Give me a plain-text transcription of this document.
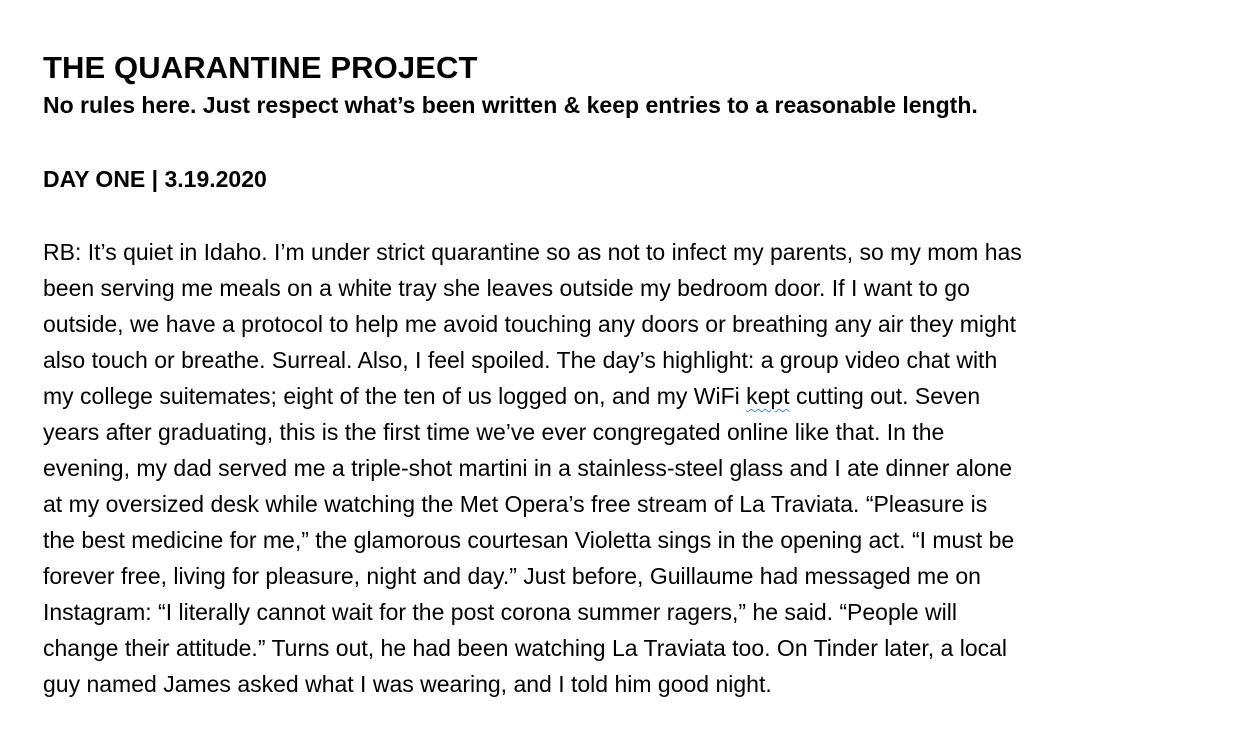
THE QUARANTINE PROJECT
No rules here. Just respect what’s been written & keep entries to a reasonable length.
DAY ONE | 3.19.2020

RB: It’s quiet in Idaho. I’m under strict quarantine so as not to infect my parents, so my mom has
been serving me meals on a white tray she leaves outside my bedroom door. If I want to go
outside, we have a protocol to help me avoid touching any doors or breathing any air they might
also touch or breathe. Surreal. Also, I feel spoiled. The day’s highlight: a group video chat with
my college suitemates; eight of the ten of us logged on, and my WiFi kept cutting out. Seven
years after graduating, this is the first time we’ve ever congregated online like that. In the
evening, my dad served me a triple-shot martini in a stainless-steel glass and I ate dinner alone
at my oversized desk while watching the Met Opera’s free stream of La Traviata. “Pleasure is
the best medicine for me,” the glamorous courtesan Violetta sings in the opening act. “I must be
forever free, living for pleasure, night and day.” Just before, Guillaume had messaged me on
Instagram: “I literally cannot wait for the post corona summer ragers,” he said. “People will
change their attitude.” Turns out, he had been watching La Traviata too. On Tinder later, a local
guy named James asked what I was wearing, and I told him good night.
